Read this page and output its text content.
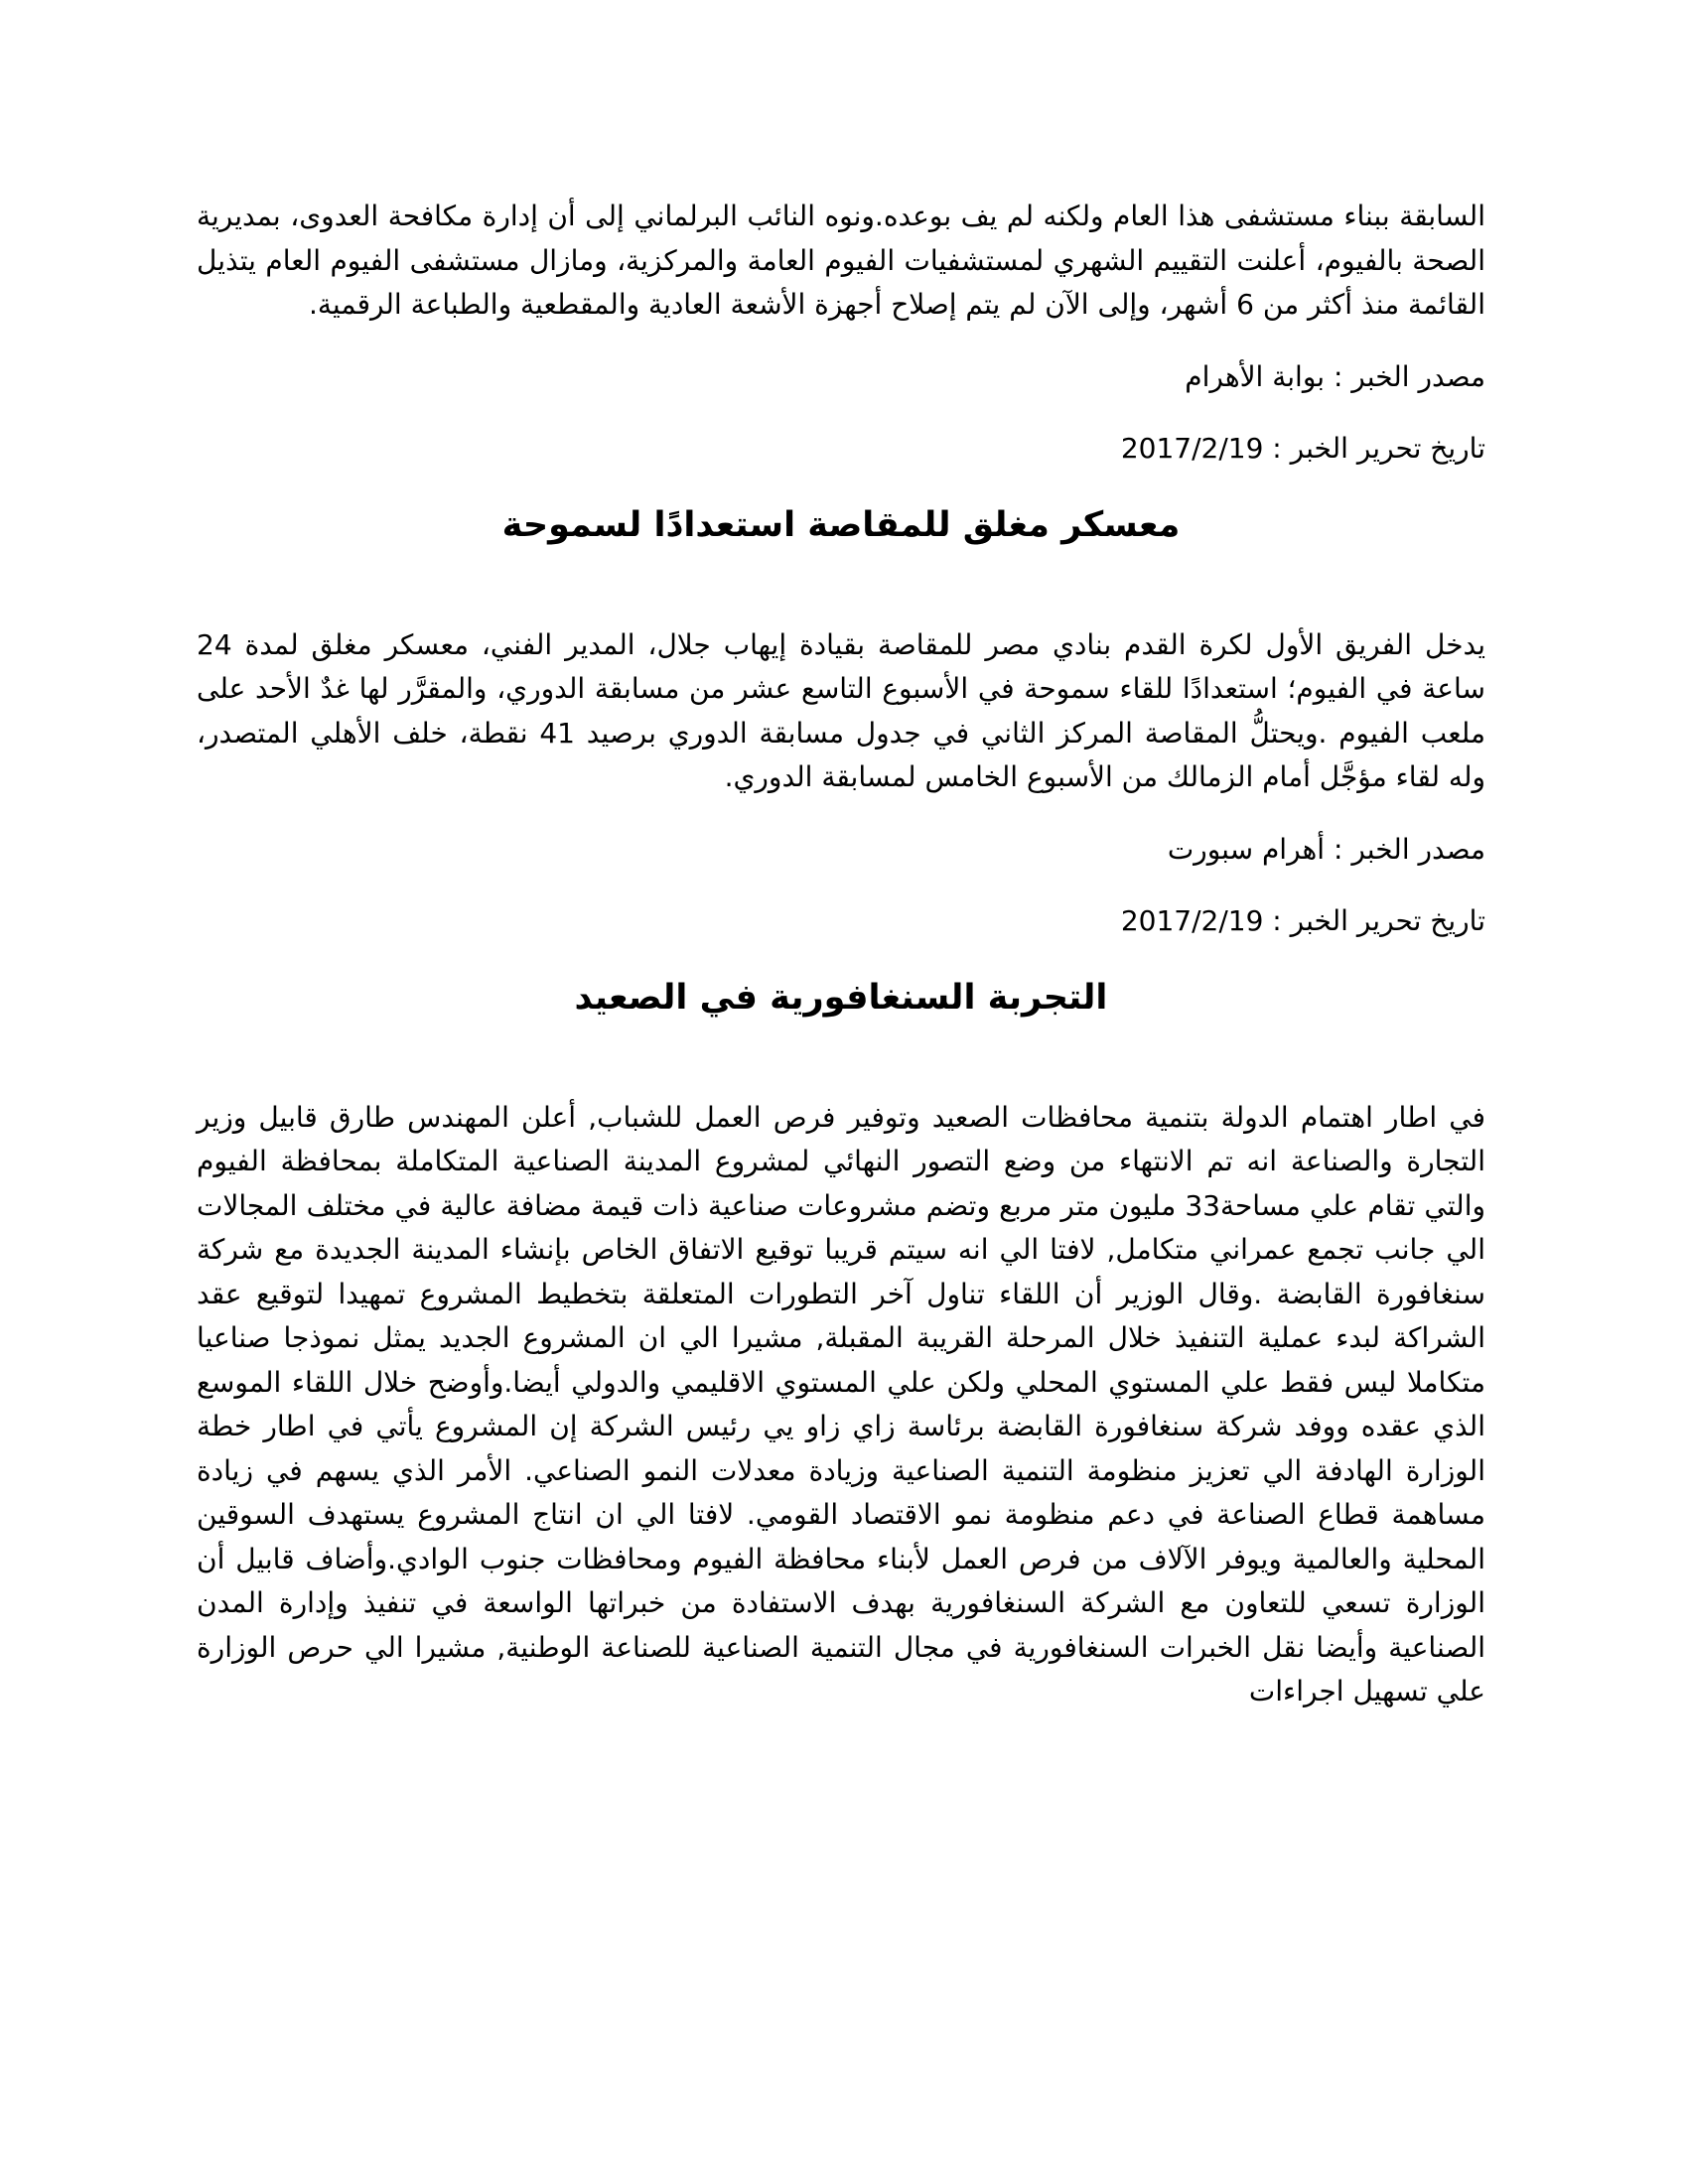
السابقة ببناء مستشفى هذا العام ولكنه لم يف بوعده.ونوه النائب البرلماني إلى أن إدارة مكافحة العدوى، بمديرية الصحة بالفيوم، أعلنت التقييم الشهري لمستشفيات الفيوم العامة والمركزية، ومازال مستشفى الفيوم العام يتذيل القائمة منذ أكثر من 6 أشهر، وإلى الآن لم يتم إصلاح أجهزة الأشعة العادية والمقطعية والطباعة الرقمية.

مصدر الخبر : بوابة الأهرام

تاريخ تحرير الخبر : 2017/2/19

معسكر مغلق للمقاصة استعدادًا لسموحة

يدخل الفريق الأول لكرة القدم بنادي مصر للمقاصة بقيادة إيهاب جلال، المدير الفني، معسكر مغلق لمدة 24 ساعة في الفيوم؛ استعدادًا للقاء سموحة في الأسبوع التاسع عشر من مسابقة الدوري، والمقرَّر لها غدٌ الأحد على ملعب الفيوم .ويحتلُّ المقاصة المركز الثاني في جدول مسابقة الدوري برصيد 41 نقطة، خلف الأهلي المتصدر، وله لقاء مؤجَّل أمام الزمالك من الأسبوع الخامس لمسابقة الدوري.

مصدر الخبر : أهرام سبورت

تاريخ تحرير الخبر : 2017/2/19

التجربة السنغافورية في الصعيد

في اطار اهتمام الدولة بتنمية محافظات الصعيد وتوفير فرص العمل للشباب, أعلن المهندس طارق قابيل وزير التجارة والصناعة انه تم الانتهاء من وضع التصور النهائي لمشروع المدينة الصناعية المتكاملة بمحافظة الفيوم والتي تقام علي مساحة33 مليون متر مربع وتضم مشروعات صناعية ذات قيمة مضافة عالية في مختلف المجالات الي جانب تجمع عمراني متكامل, لافتا الي انه سيتم قريبا توقيع الاتفاق الخاص بإنشاء المدينة الجديدة مع شركة سنغافورة القابضة .وقال الوزير أن اللقاء تناول آخر التطورات المتعلقة بتخطيط المشروع تمهيدا لتوقيع عقد الشراكة لبدء عملية التنفيذ خلال المرحلة القريبة المقبلة, مشيرا الي ان المشروع الجديد يمثل نموذجا صناعيا متكاملا ليس فقط علي المستوي المحلي ولكن علي المستوي الاقليمي والدولي أيضا.وأوضح خلال اللقاء الموسع الذي عقده ووفد شركة سنغافورة القابضة برئاسة زاي زاو يي رئيس الشركة إن المشروع يأتي في اطار خطة الوزارة الهادفة الي تعزيز منظومة التنمية الصناعية وزيادة معدلات النمو الصناعي. الأمر الذي يسهم في زيادة مساهمة قطاع الصناعة في دعم منظومة نمو الاقتصاد القومي. لافتا الي ان انتاج المشروع يستهدف السوقين المحلية والعالمية ويوفر الآلاف من فرص العمل لأبناء محافظة الفيوم ومحافظات جنوب الوادي.وأضاف قابيل أن الوزارة تسعي للتعاون مع الشركة السنغافورية بهدف الاستفادة من خبراتها الواسعة في تنفيذ وإدارة المدن الصناعية وأيضا نقل الخبرات السنغافورية في مجال التنمية الصناعية للصناعة الوطنية, مشيرا الي حرص الوزارة علي تسهيل اجراءات
